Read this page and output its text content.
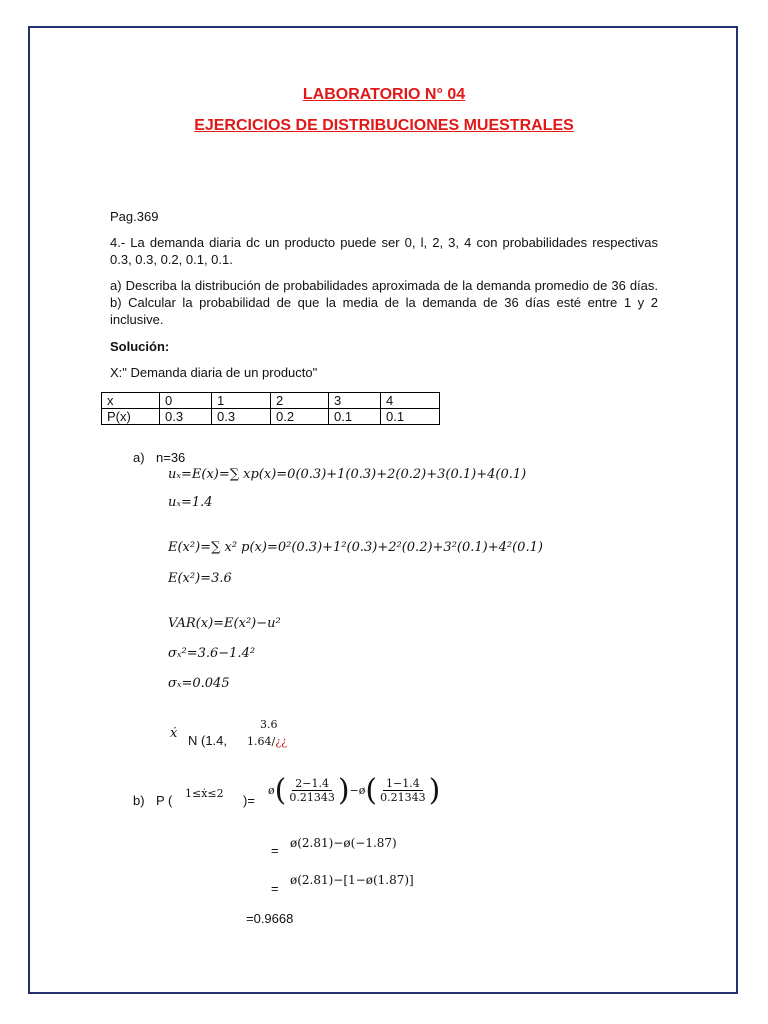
LABORATORIO N° 04
EJERCICIOS DE DISTRIBUCIONES MUESTRALES
Pag.369
4.- La demanda diaria dc un producto puede ser 0, l, 2, 3, 4 con probabilidades respectivas 0.3, 0.3, 0.2, 0.1, 0.1.
a) Describa la distribución de probabilidades aproximada de la demanda promedio de 36 días. b) Calcular la probabilidad de que la media de la demanda de 36 días esté entre 1 y 2 inclusive.
Solución:
X:" Demanda diaria de un producto"
x	0	1	2	3	4
P(x)	0.3	0.3	0.2	0.1	0.1
a) n=36
uₓ=E(x)=∑ xp(x)=0(0.3)+1(0.3)+2(0.2)+3(0.1)+4(0.1)
uₓ=1.4
E(x²)=∑ x² p(x)=0²(0.3)+1²(0.3)+2²(0.2)+3²(0.1)+4²(0.1)
E(x²)=3.6
VAR(x)=E(x²)−u²
σₓ²=3.6−1.4²
σₓ=0.045
ẋ N (1.4,
3.6
1.64/¿¿
b) P ( 1≤ẋ≤2 )=
ø ( $\frac{2-1.4}{0.21343}$ ) − ø ( $\frac{1-1.4}{0.21343}$ )
= ø(2.81)−ø(−1.87)
=
ø(2.81)−[1−ø(1.87)]
=0.9668
